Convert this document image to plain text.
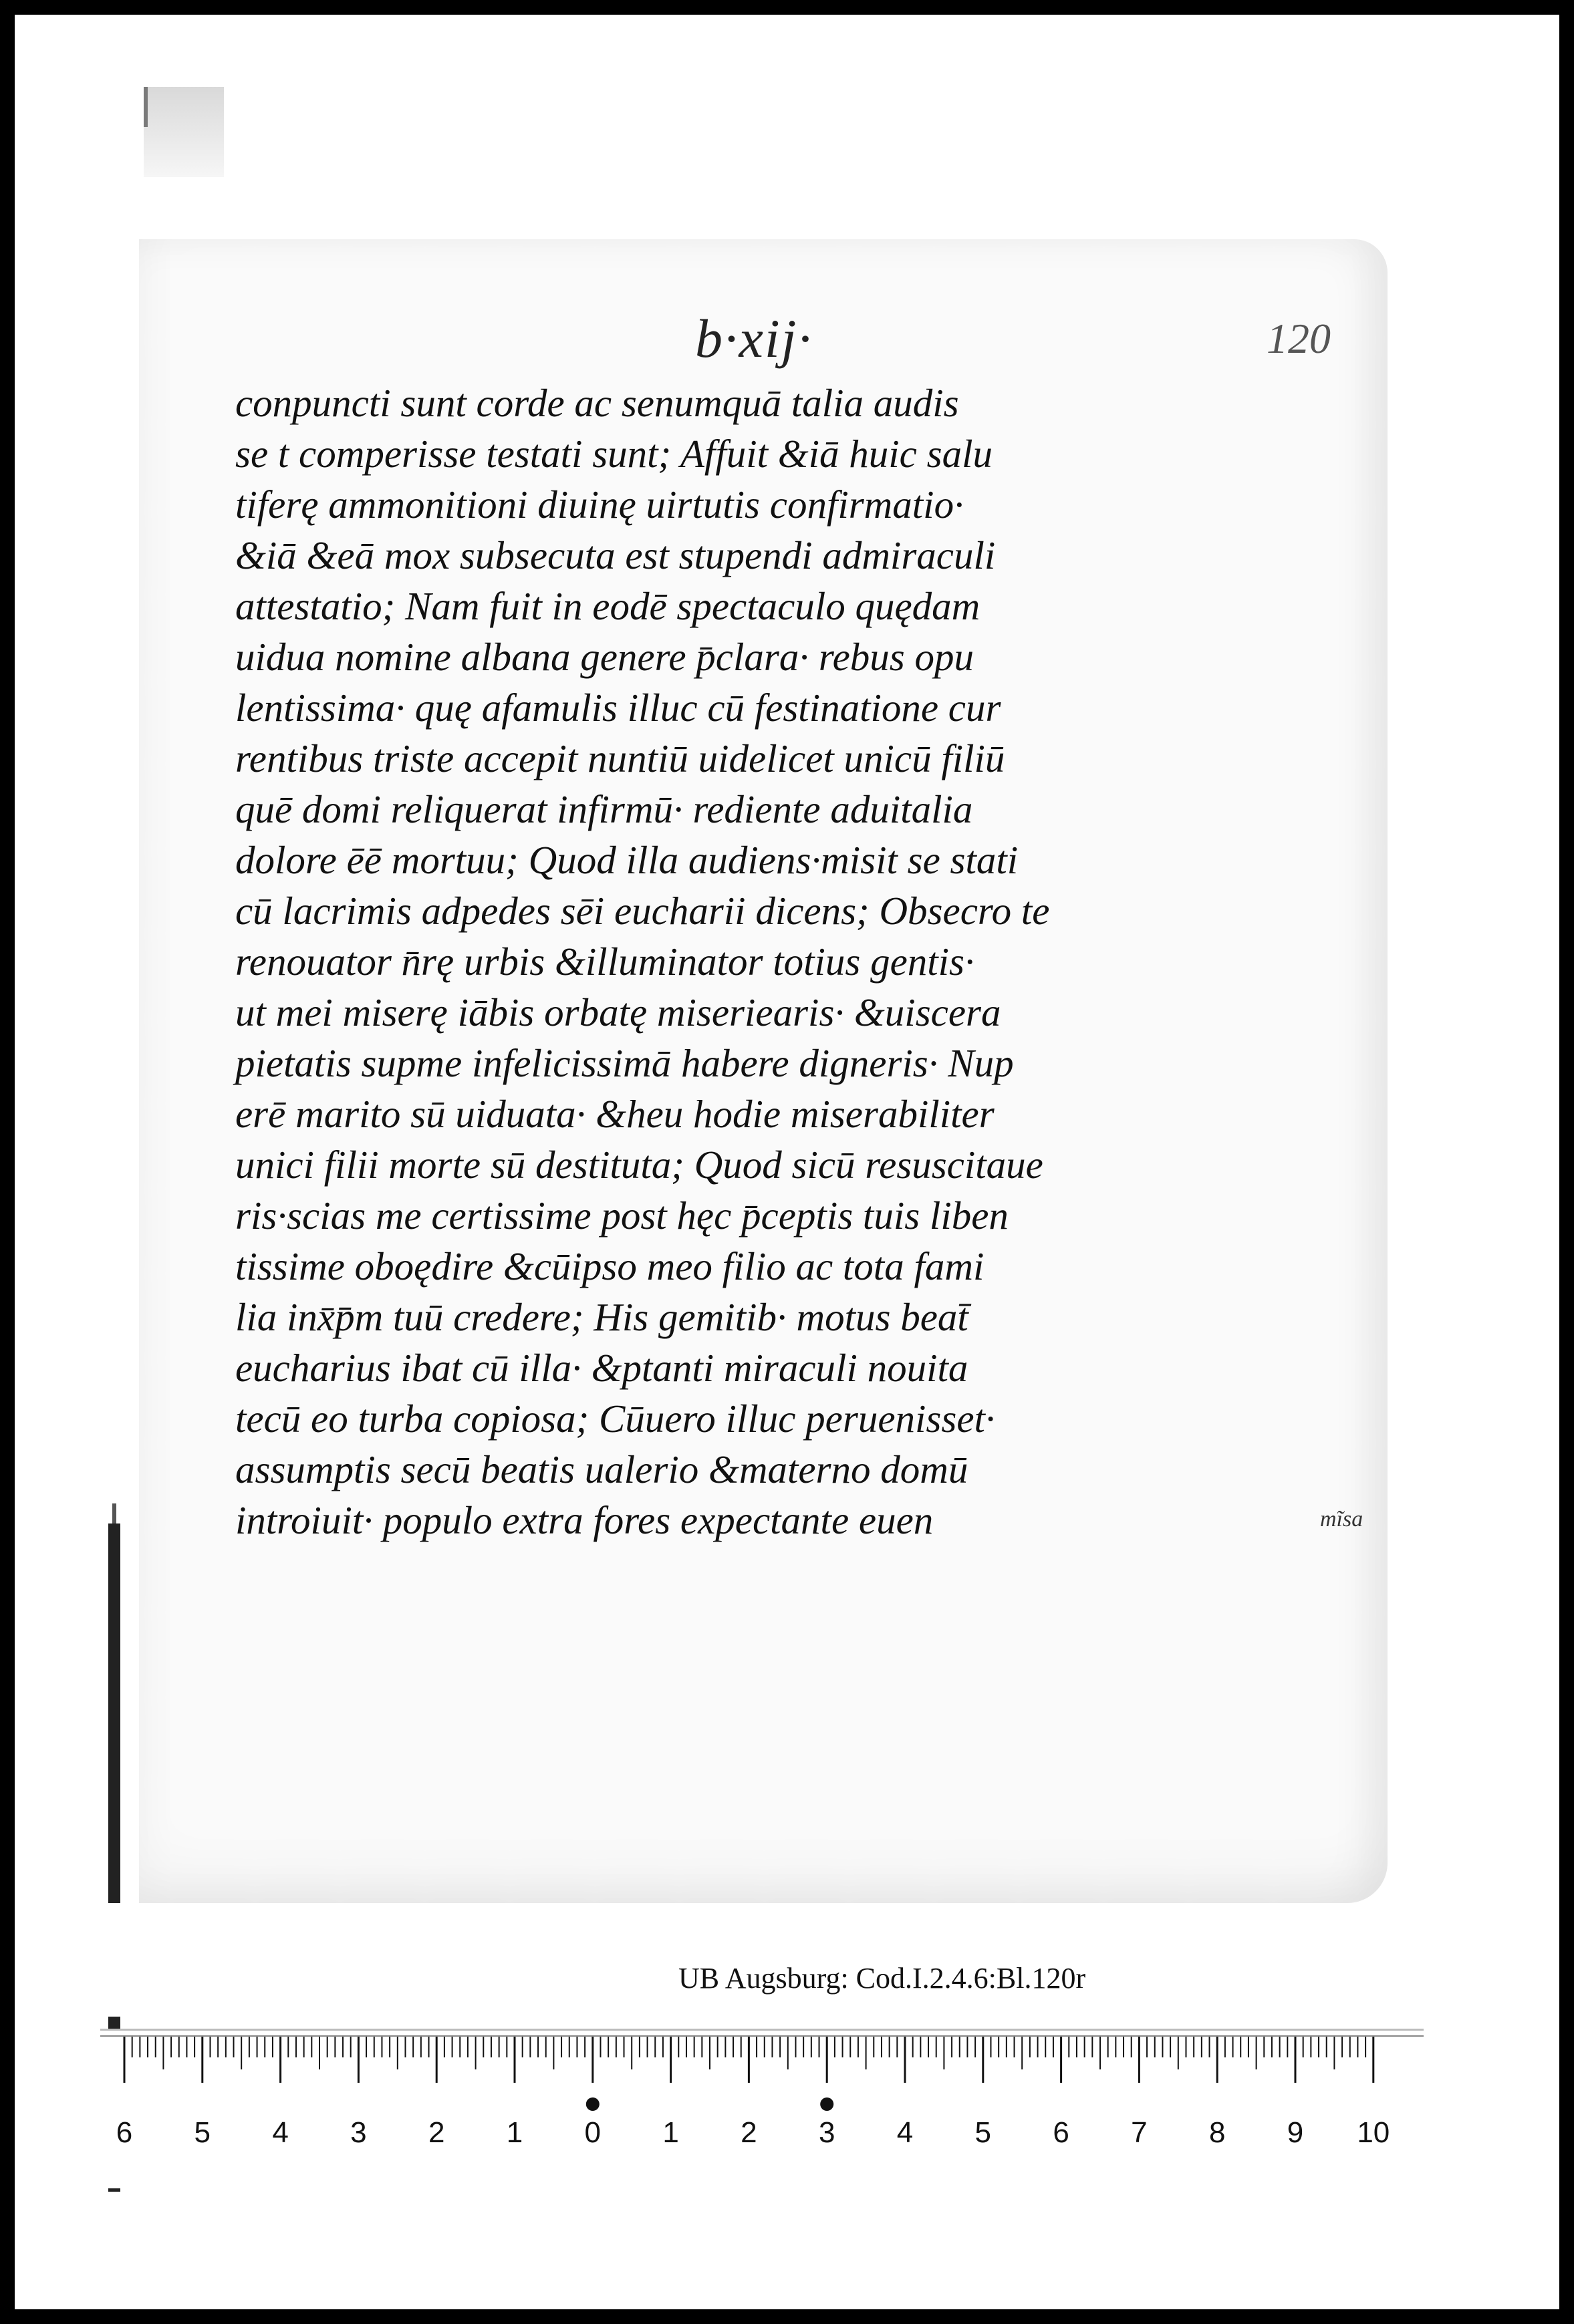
b·xij·	120
conpuncti sunt corde ac senumquā talia audis
se t comperisse testati sunt; Affuit &iā huic salu
tiferę ammonitioni diuinę uirtutis confirmatio·
&iā &eā mox subsecuta est stupendi admiraculi
attestatio; Nam fuit in eodē spectaculo quędam
uidua nomine albana genere p̄clara· rebus opu
lentissima· quę afamulis illuc cū festinatione cur
rentibus triste accepit nuntiū uidelicet unicū filiū
quē domi reliquerat infirmū· rediente aduitalia
dolore ēē mortuu; Quod illa audiens·misit se stati
cū lacrimis adpedes sēi eucharii dicens; Obsecro te
renouator n̄rę urbis &illuminator totius gentis·
ut mei miserę iābis orbatę miseriearis· &uiscera
pietatis supme infelicissimā habere digneris· Nup
erē marito sū uiduata· &heu hodie miserabiliter
unici filii morte sū destituta; Quod sicū resuscitaue
ris·scias me certissime post hęc p̄ceptis tuis liben
tissime oboędire &cūipso meo filio ac tota fami
lia inx̄p̄m tuū credere; His gemitib· motus beat̄
eucharius ibat cū illa· &ptanti miraculi nouita
tecū eo turba copiosa; Cūuero illuc peruenisset·
assumptis secū beatis ualerio &materno domū
introiuit· populo extra fores expectante euen	mĩsa
UB Augsburg: Cod.I.2.4.6:Bl.120r
6 5 4 3 2 1 0 1 2 3 4 5 6 7 8 9 10
